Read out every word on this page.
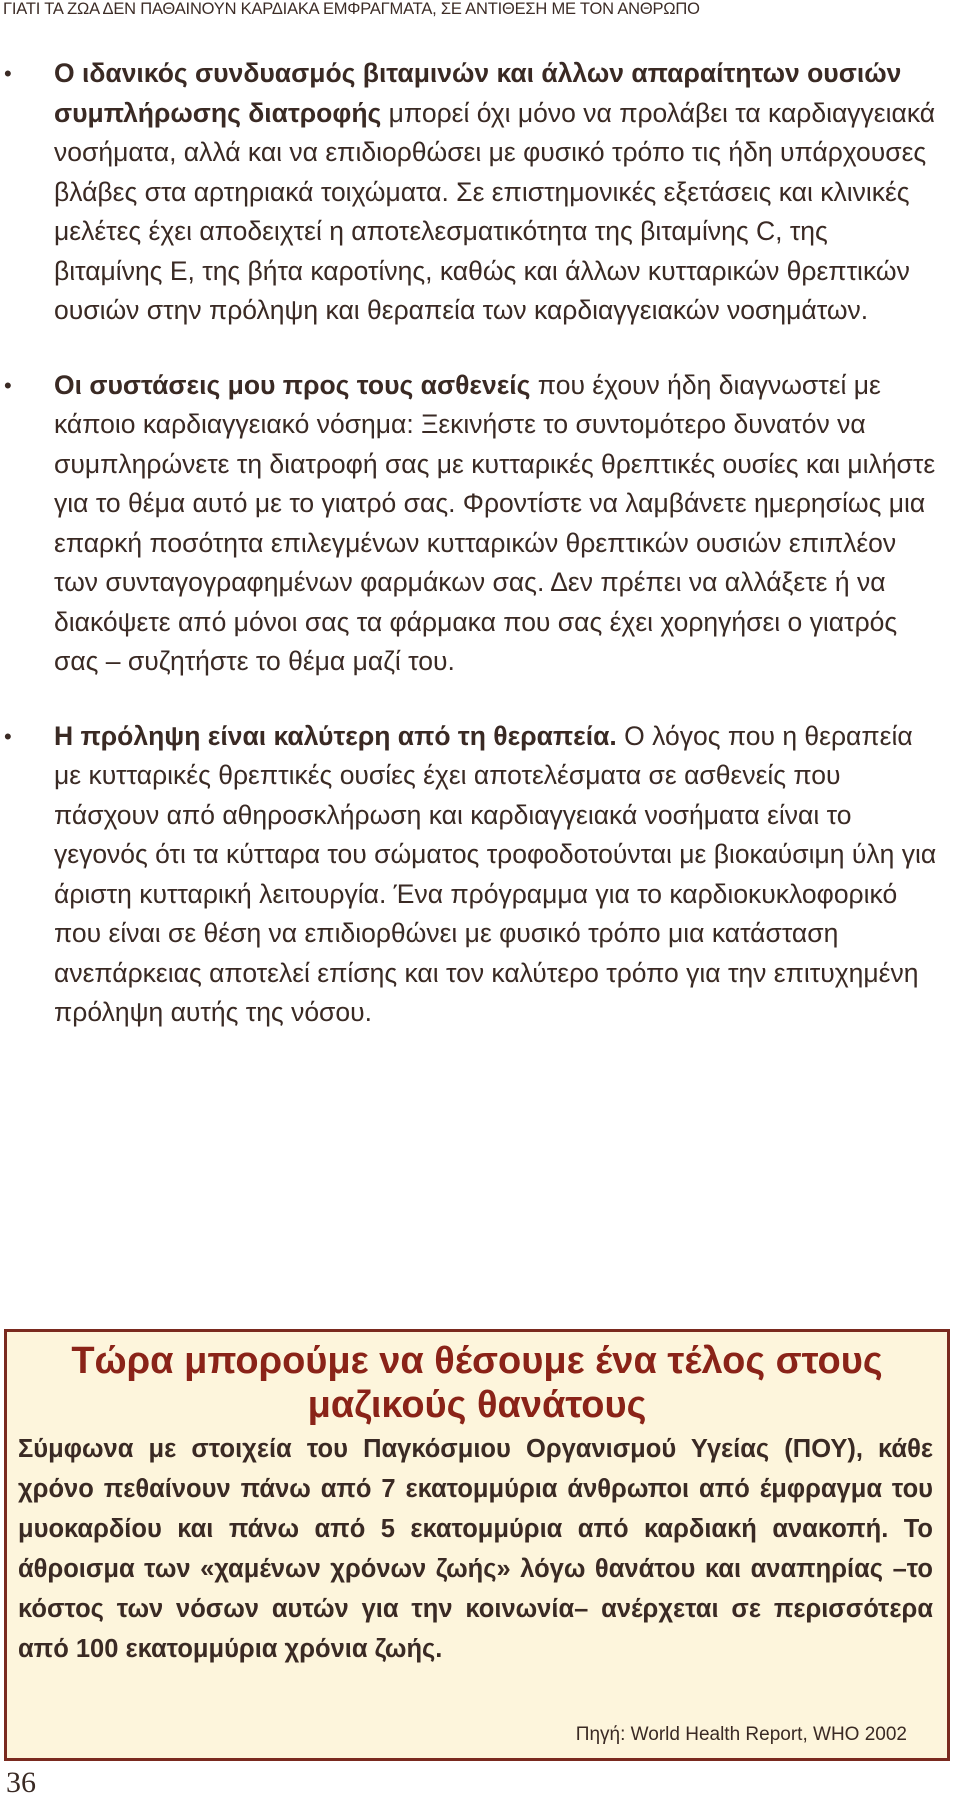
ΓΙΑΤΙ ΤΑ ΖΩΑ ΔΕΝ ΠΑΘΑΙΝΟΥΝ ΚΑΡΔΙΑΚΑ ΕΜΦΡΑΓΜΑΤΑ, ΣΕ ΑΝΤΙΘΕΣΗ ΜΕ ΤΟΝ ΑΝΘΡΩΠΟ
• Ο ιδανικός συνδυασμός βιταμινών και άλλων απαραίτητων ουσιών συμπλήρωσης διατροφής μπορεί όχι μόνο να προλάβει τα καρδιαγγειακά νοσήματα, αλλά και να επιδιορθώσει με φυσικό τρόπο τις ήδη υπάρχουσες βλάβες στα αρτηριακά τοιχώματα. Σε επιστημονικές εξετάσεις και κλινικές μελέτες έχει αποδειχτεί η αποτελεσματικότητα της βιταμίνης C, της βιταμίνης E, της βήτα καροτίνης, καθώς και άλλων κυτταρικών θρεπτικών ουσιών στην πρόληψη και θεραπεία των καρδιαγγειακών νοσημάτων.
• Οι συστάσεις μου προς τους ασθενείς που έχουν ήδη διαγνωστεί με κάποιο καρδιαγγειακό νόσημα: Ξεκινήστε το συντομότερο δυνατόν να συμπληρώνετε τη διατροφή σας με κυτταρικές θρεπτικές ουσίες και μιλήστε για το θέμα αυτό με το γιατρό σας. Φροντίστε να λαμβάνετε ημερησίως μια επαρκή ποσότητα επιλεγμένων κυτταρικών θρεπτικών ουσιών επιπλέον των συνταγογραφημένων φαρμάκων σας. Δεν πρέπει να αλλάξετε ή να διακόψετε από μόνοι σας τα φάρμακα που σας έχει χορηγήσει ο γιατρός σας – συζητήστε το θέμα μαζί του.
• Η πρόληψη είναι καλύτερη από τη θεραπεία. Ο λόγος που η θεραπεία με κυτταρικές θρεπτικές ουσίες έχει αποτελέσματα σε ασθενείς που πάσχουν από αθηροσκλήρωση και καρδιαγγειακά νοσήματα είναι το γεγονός ότι τα κύτταρα του σώματος τροφοδοτούνται με βιοκαύσιμη ύλη για άριστη κυτταρική λειτουργία. Ένα πρόγραμμα για το καρδιοκυκλοφορικό που είναι σε θέση να επιδιορθώνει με φυσικό τρόπο μια κατάσταση ανεπάρκειας αποτελεί επίσης και τον καλύτερο τρόπο για την επιτυχημένη πρόληψη αυτής της νόσου.
Τώρα μπορούμε να θέσουμε ένα τέλος στους μαζικούς θανάτους
Σύμφωνα με στοιχεία του Παγκόσμιου Οργανισμού Υγείας (ΠΟΥ), κάθε χρόνο πεθαίνουν πάνω από 7 εκατομμύρια άνθρωποι από έμφραγμα του μυοκαρδίου και πάνω από 5 εκατομμύρια από καρδιακή ανακοπή. Το άθροισμα των «χαμένων χρόνων ζωής» λόγω θανάτου και αναπηρίας –το κόστος των νόσων αυτών για την κοινωνία– ανέρχεται σε περισσότερα από 100 εκατομμύρια χρόνια ζωής.
Πηγή: World Health Report, WHO 2002
36
